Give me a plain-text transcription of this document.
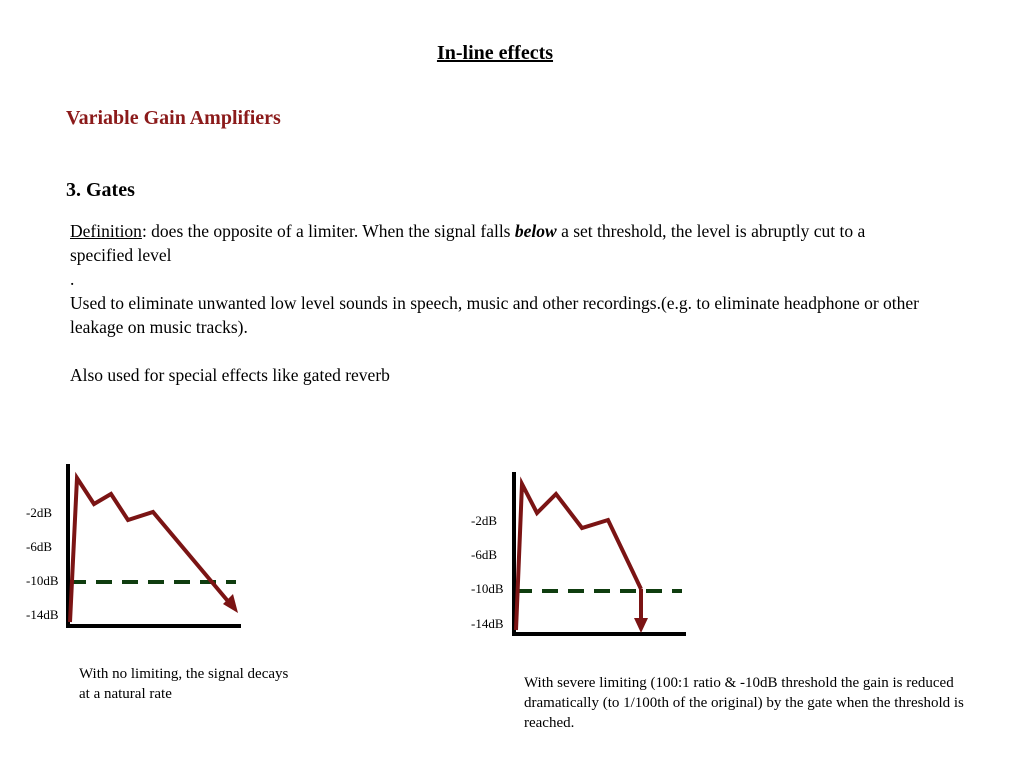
In-line effects
Variable Gain Amplifiers
3. Gates

Definition: does the opposite of a limiter. When the signal falls below a set threshold, the level is abruptly cut to a specified level

.

Used to eliminate unwanted low level sounds in speech, music and other recordings.(e.g. to eliminate headphone or other leakage on music tracks).

Also used for special effects like gated reverb

-2dB
-6dB
-10dB
-14dB
With no limiting, the signal decays at a natural rate
-2dB
-6dB
-10dB
-14dB
With severe limiting (100:1 ratio & -10dB threshold the gain is reduced dramatically (to 1/100th of the original) by the gate when the threshold is reached.
